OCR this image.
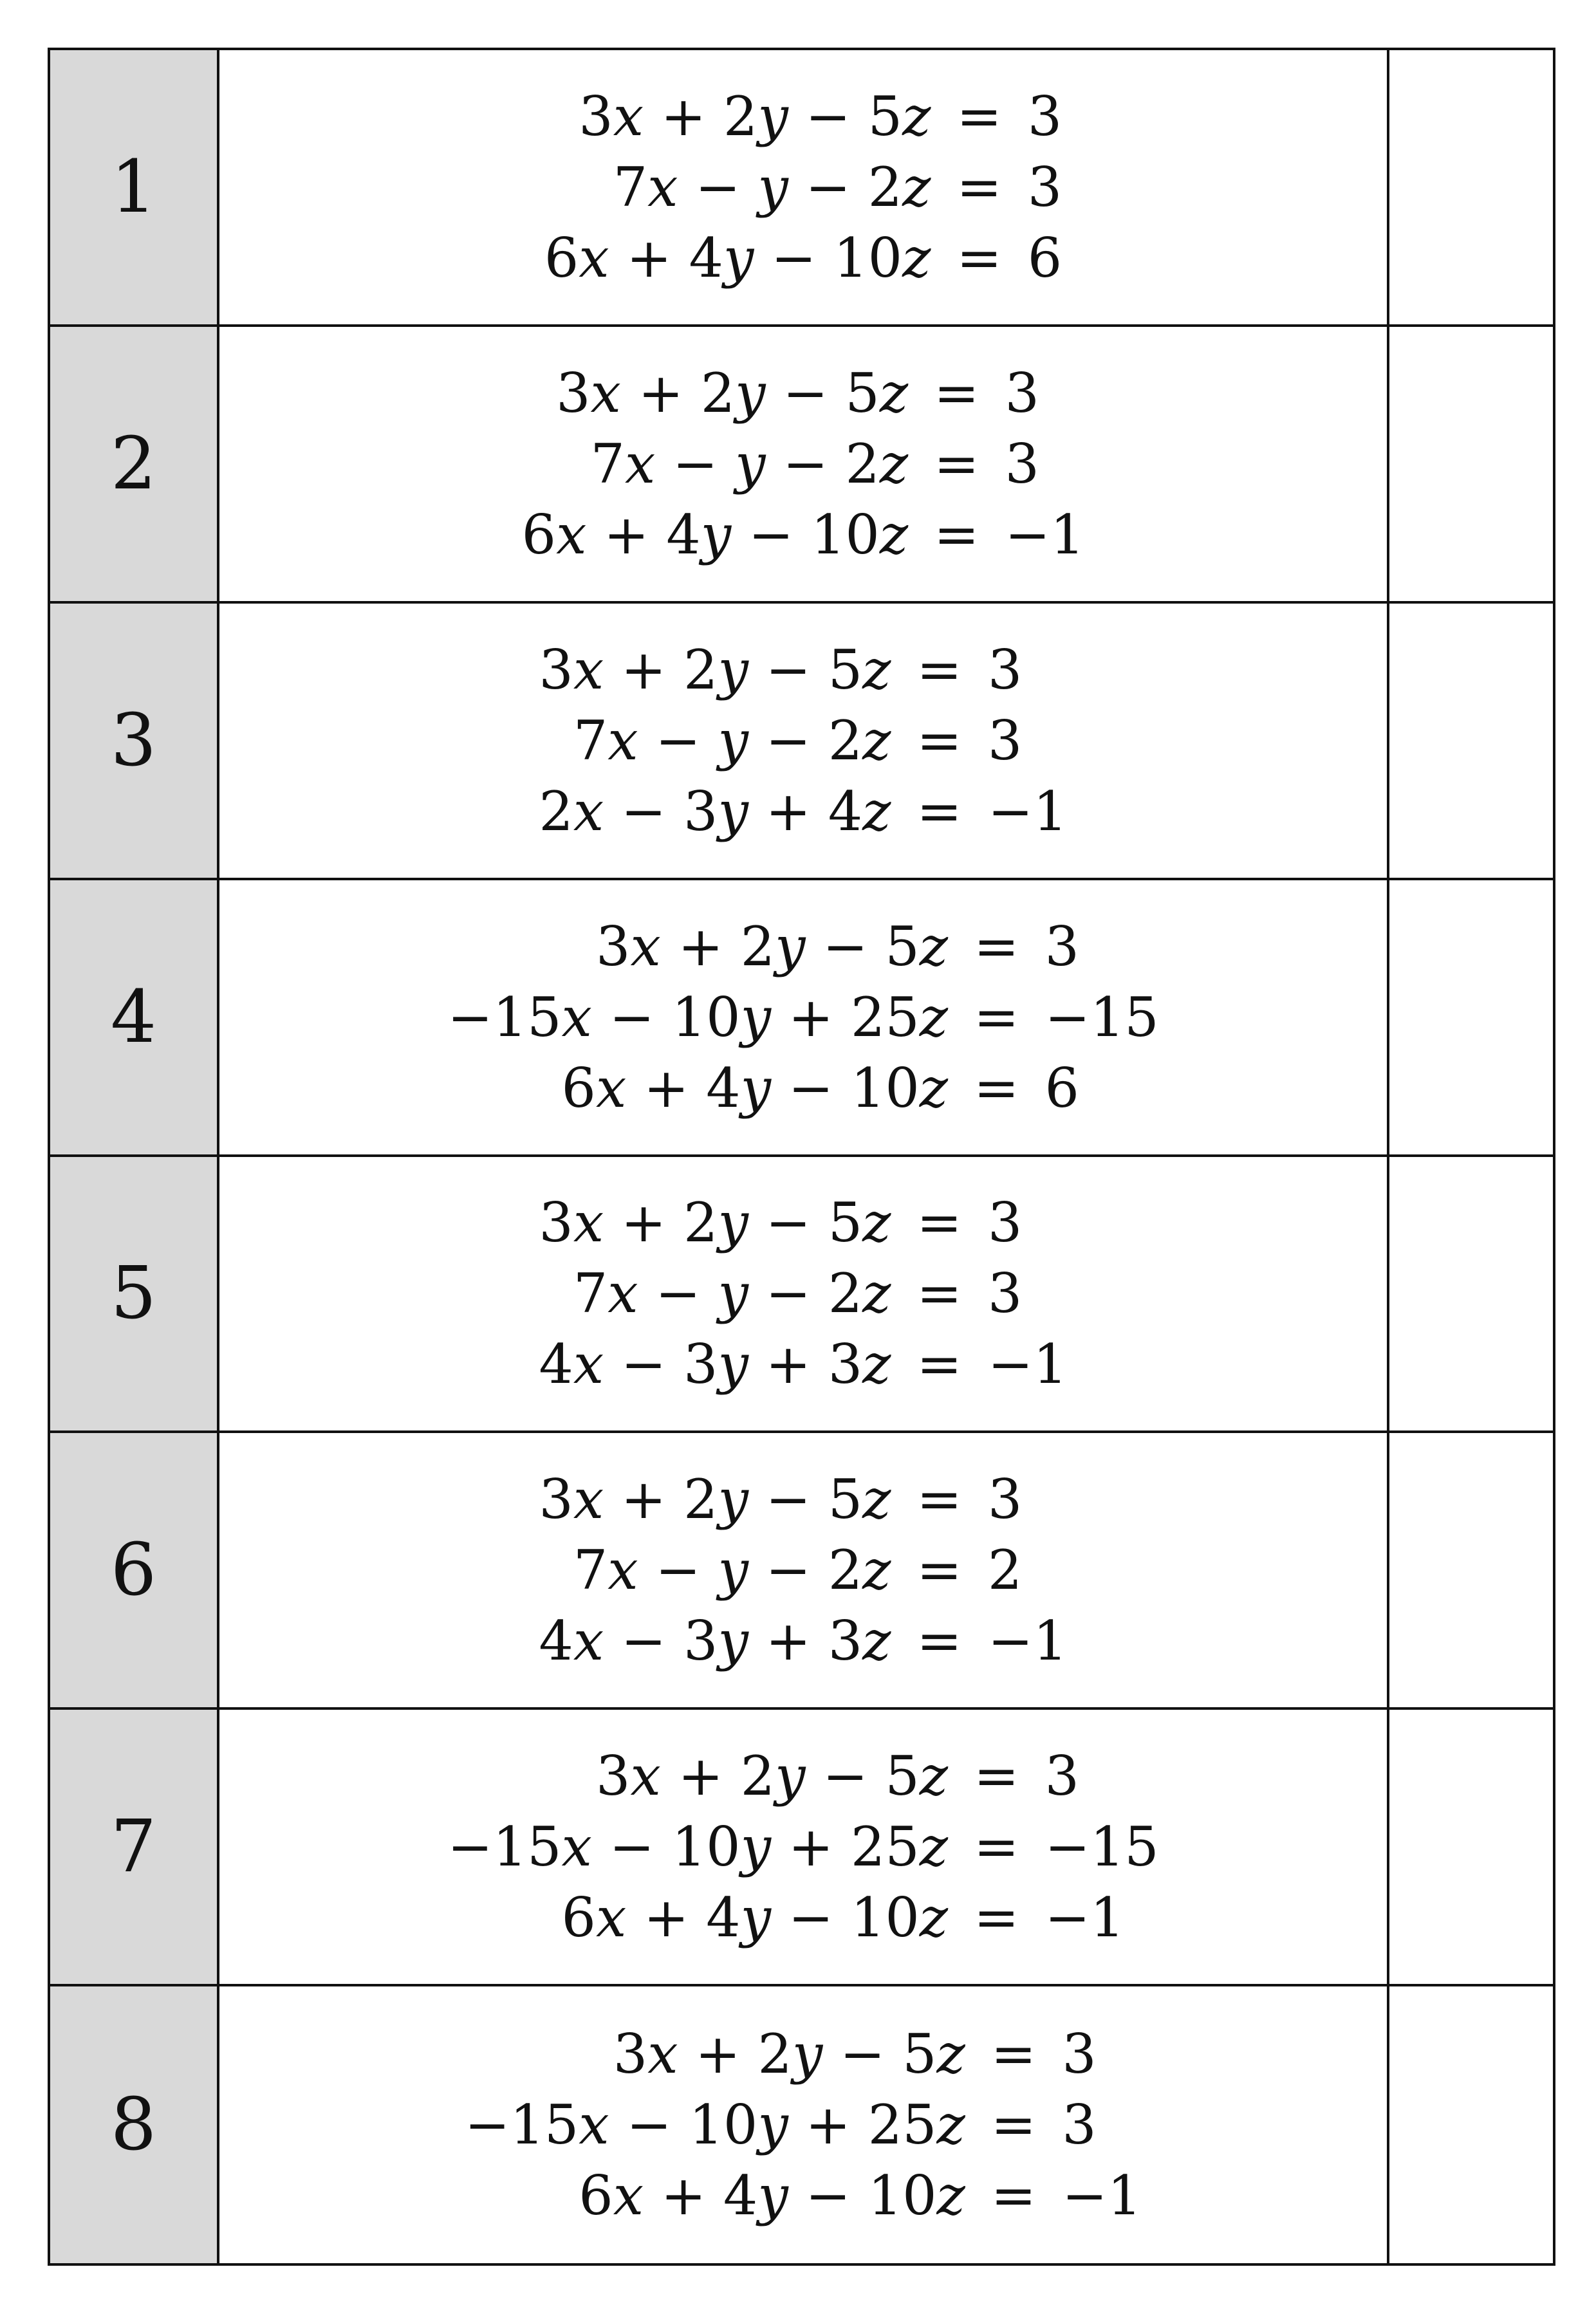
1
3x + 2y − 5z = 3
7x − y − 2z = 3
6x + 4y − 10z = 6
2
3x + 2y − 5z = 3
7x − y − 2z = 3
6x + 4y − 10z = −1
3
3x + 2y − 5z = 3
7x − y − 2z = 3
2x − 3y + 4z = −1
4
3x + 2y − 5z = 3
−15x − 10y + 25z = −15
6x + 4y − 10z = 6
5
3x + 2y − 5z = 3
7x − y − 2z = 3
4x − 3y + 3z = −1
6
3x + 2y − 5z = 3
7x − y − 2z = 2
4x − 3y + 3z = −1
7
3x + 2y − 5z = 3
−15x − 10y + 25z = −15
6x + 4y − 10z = −1
8
3x + 2y − 5z = 3
−15x − 10y + 25z = 3
6x + 4y − 10z = −1
